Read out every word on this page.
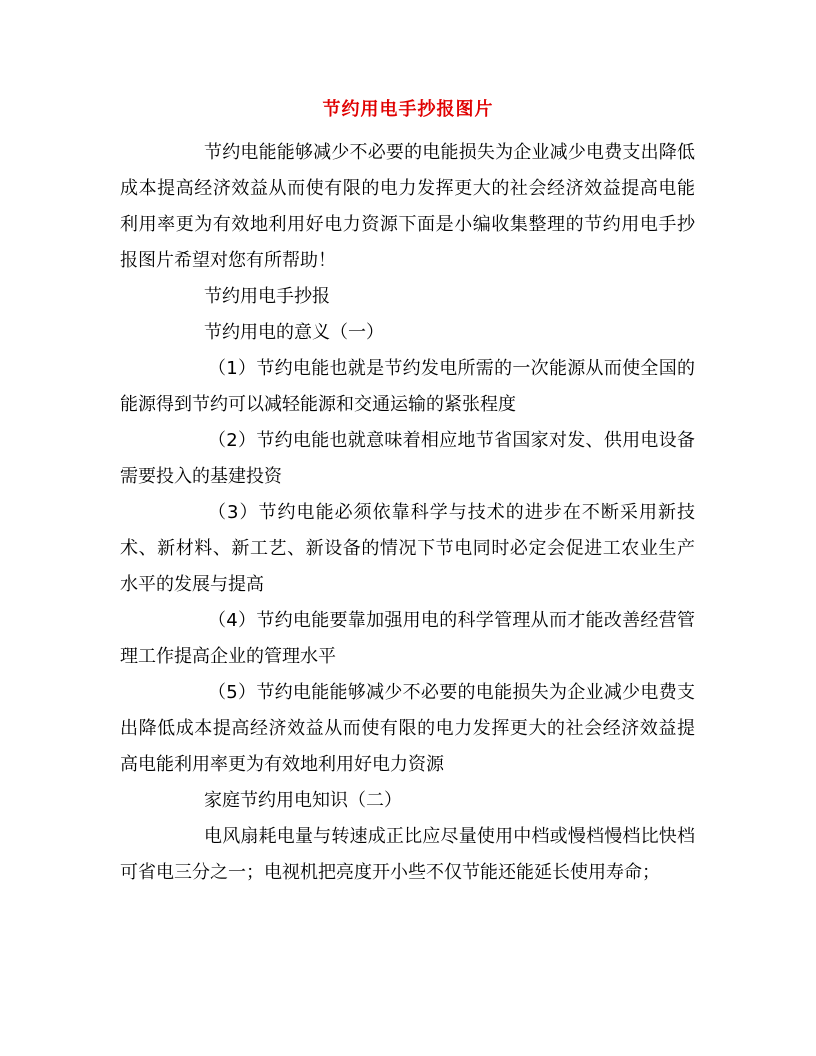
节约用电手抄报图片

节约电能能够减少不必要的电能损失为企业减少电费支出降低成本提高经济效益从而使有限的电力发挥更大的社会经济效益提高电能利用率更为有效地利用好电力资源下面是小编收集整理的节约用电手抄报图片希望对您有所帮助！

节约用电手抄报

节约用电的意义（一）

（1）节约电能也就是节约发电所需的一次能源从而使全国的能源得到节约可以减轻能源和交通运输的紧张程度

（2）节约电能也就意味着相应地节省国家对发、供用电设备需要投入的基建投资

（3）节约电能必须依靠科学与技术的进步在不断采用新技术、新材料、新工艺、新设备的情况下节电同时必定会促进工农业生产水平的发展与提高

（4）节约电能要靠加强用电的科学管理从而才能改善经营管理工作提高企业的管理水平

（5）节约电能能够减少不必要的电能损失为企业减少电费支出降低成本提高经济效益从而使有限的电力发挥更大的社会经济效益提高电能利用率更为有效地利用好电力资源

家庭节约用电知识（二）

电风扇耗电量与转速成正比应尽量使用中档或慢档慢档比快档可省电三分之一；电视机把亮度开小些不仅节能还能延长使用寿命；
